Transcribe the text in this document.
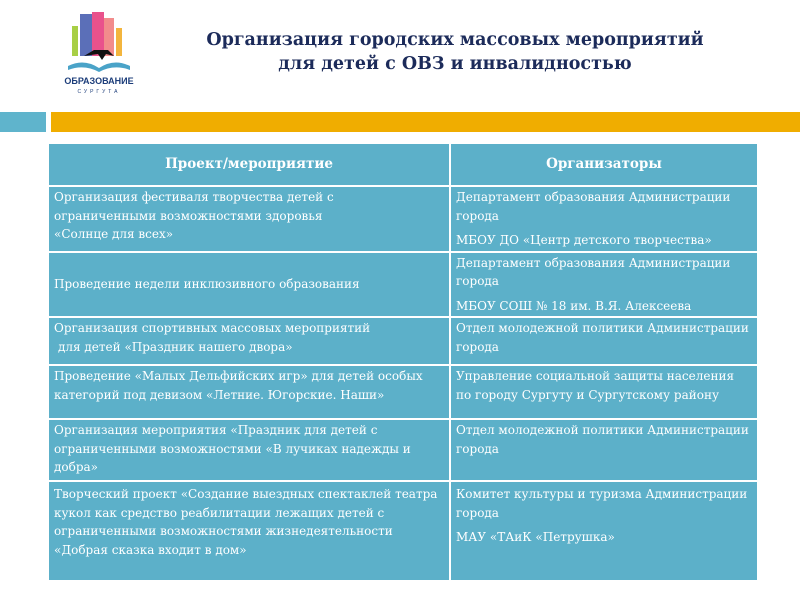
ОБРАЗОВАНИЕ
СУРГУТА
Организация городских массовых мероприятий
для детей с ОВЗ и инвалидностью
Проект/мероприятие	Организаторы

Организация фестиваля творчества детей с
ограниченными возможностями здоровья
«Солнце для всех»	Департамент образования Администрации города
МБОУ ДО «Центр детского творчества»

Проведение недели инклюзивного образования	Департамент образования Администрации города
МБОУ СОШ № 18 им. В.Я. Алексеева

Организация спортивных массовых мероприятий
для детей «Праздник нашего двора»	Отдел молодежной политики Администрации города

Проведение «Малых Дельфийских игр» для детей особых категорий под девизом «Летние. Югорские. Наши»	Управление социальной защиты населения по городу Сургуту и Сургутскому району

Организация мероприятия «Праздник для детей с ограниченными возможностями «В лучиках надежды и добра»	Отдел молодежной политики Администрации города

Творческий проект «Создание выездных спектаклей театра кукол как средство реабилитации лежащих детей с ограниченными возможностями жизнедеятельности «Добрая сказка входит в дом»	Комитет культуры и туризма Администрации города
МАУ «ТАиК «Петрушка»
